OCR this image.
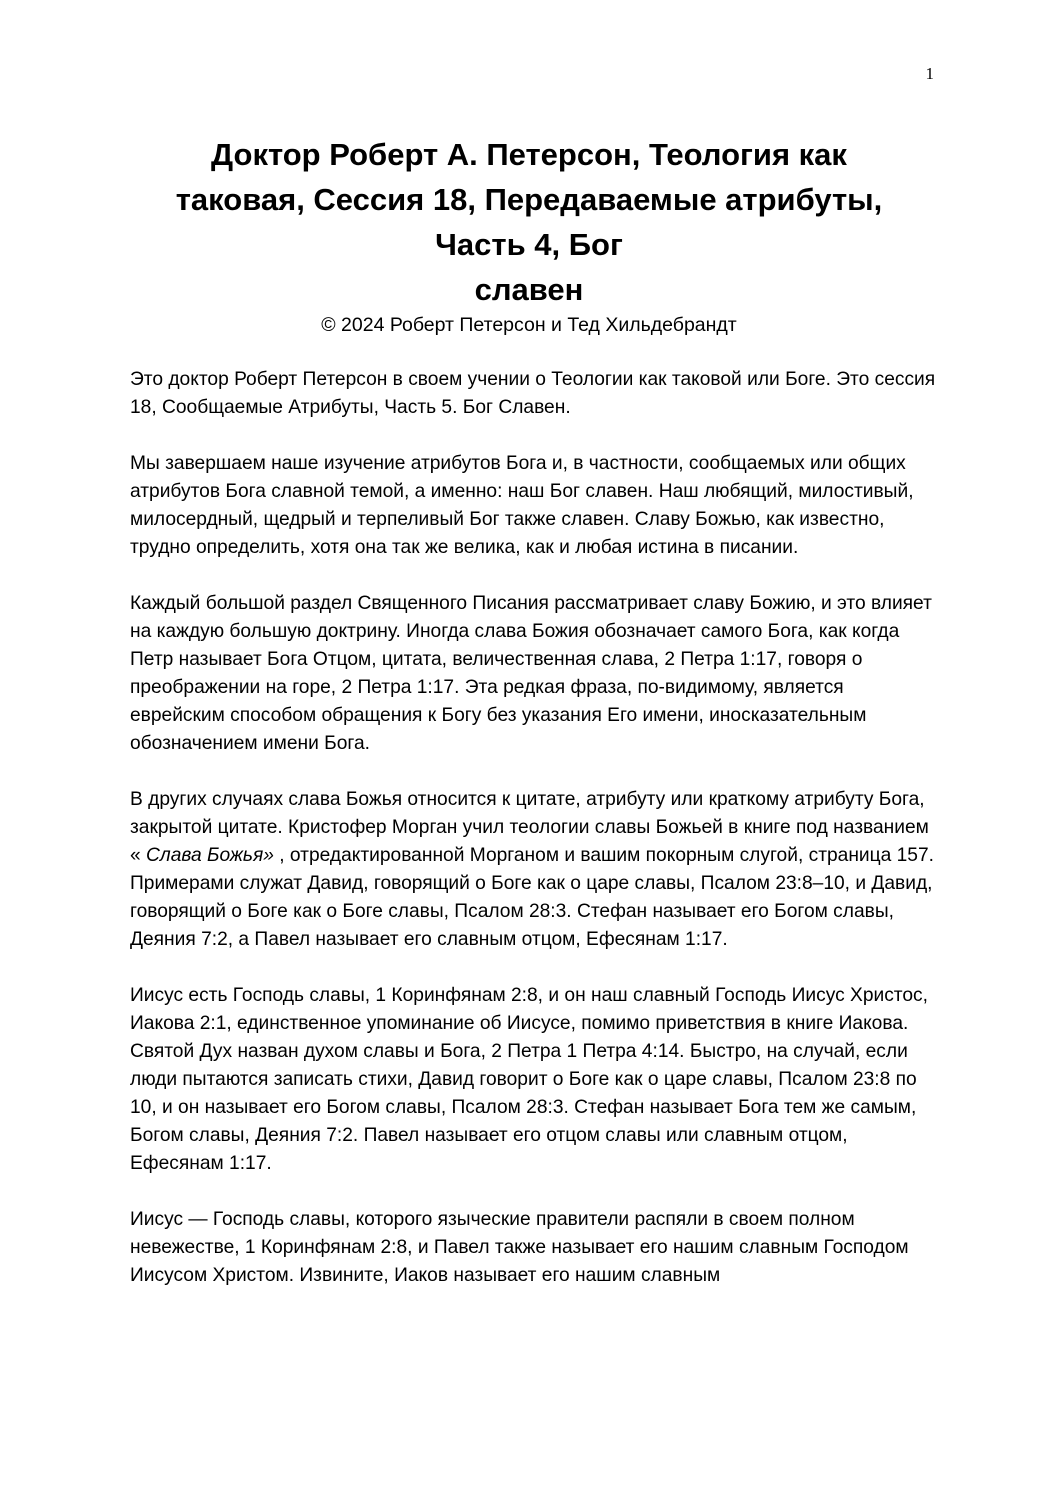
1
Доктор Роберт А. Петерсон, Теология как
таковая, Сессия 18, Передаваемые атрибуты,
Часть 4, Бог
славен
© 2024 Роберт Петерсон и Тед Хильдебрандт

Это доктор Роберт Петерсон в своем учении о Теологии как таковой или Боге. Это сессия 18, Сообщаемые Атрибуты, Часть 5. Бог Славен.

Мы завершаем наше изучение атрибутов Бога и, в частности, сообщаемых или общих атрибутов Бога славной темой, а именно: наш Бог славен. Наш любящий, милостивый, милосердный, щедрый и терпеливый Бог также славен. Славу Божью, как известно, трудно определить, хотя она так же велика, как и любая истина в писании.

Каждый большой раздел Священного Писания рассматривает славу Божию, и это влияет на каждую большую доктрину. Иногда слава Божия обозначает самого Бога, как когда Петр называет Бога Отцом, цитата, величественная слава, 2 Петра 1:17, говоря о преображении на горе, 2 Петра 1:17. Эта редкая фраза, по-видимому, является еврейским способом обращения к Богу без указания Его имени, иносказательным обозначением имени Бога.

В других случаях слава Божья относится к цитате, атрибуту или краткому атрибуту Бога, закрытой цитате. Кристофер Морган учил теологии славы Божьей в книге под названием « Слава Божья» , отредактированной Морганом и вашим покорным слугой, страница 157. Примерами служат Давид, говорящий о Боге как о царе славы, Псалом 23:8–10, и Давид, говорящий о Боге как о Боге славы, Псалом 28:3. Стефан называет его Богом славы, Деяния 7:2, а Павел называет его славным отцом, Ефесянам 1:17.

Иисус есть Господь славы, 1 Коринфянам 2:8, и он наш славный Господь Иисус Христос, Иакова 2:1, единственное упоминание об Иисусе, помимо приветствия в книге Иакова. Святой Дух назван духом славы и Бога, 2 Петра 1 Петра 4:14. Быстро, на случай, если люди пытаются записать стихи, Давид говорит о Боге как о царе славы, Псалом 23:8 по 10, и он называет его Богом славы, Псалом 28:3. Стефан называет Бога тем же самым, Богом славы, Деяния 7:2. Павел называет его отцом славы или славным отцом, Ефесянам 1:17.

Иисус — Господь славы, которого языческие правители распяли в своем полном невежестве, 1 Коринфянам 2:8, и Павел также называет его нашим славным Господом Иисусом Христом. Извините, Иаков называет его нашим славным
